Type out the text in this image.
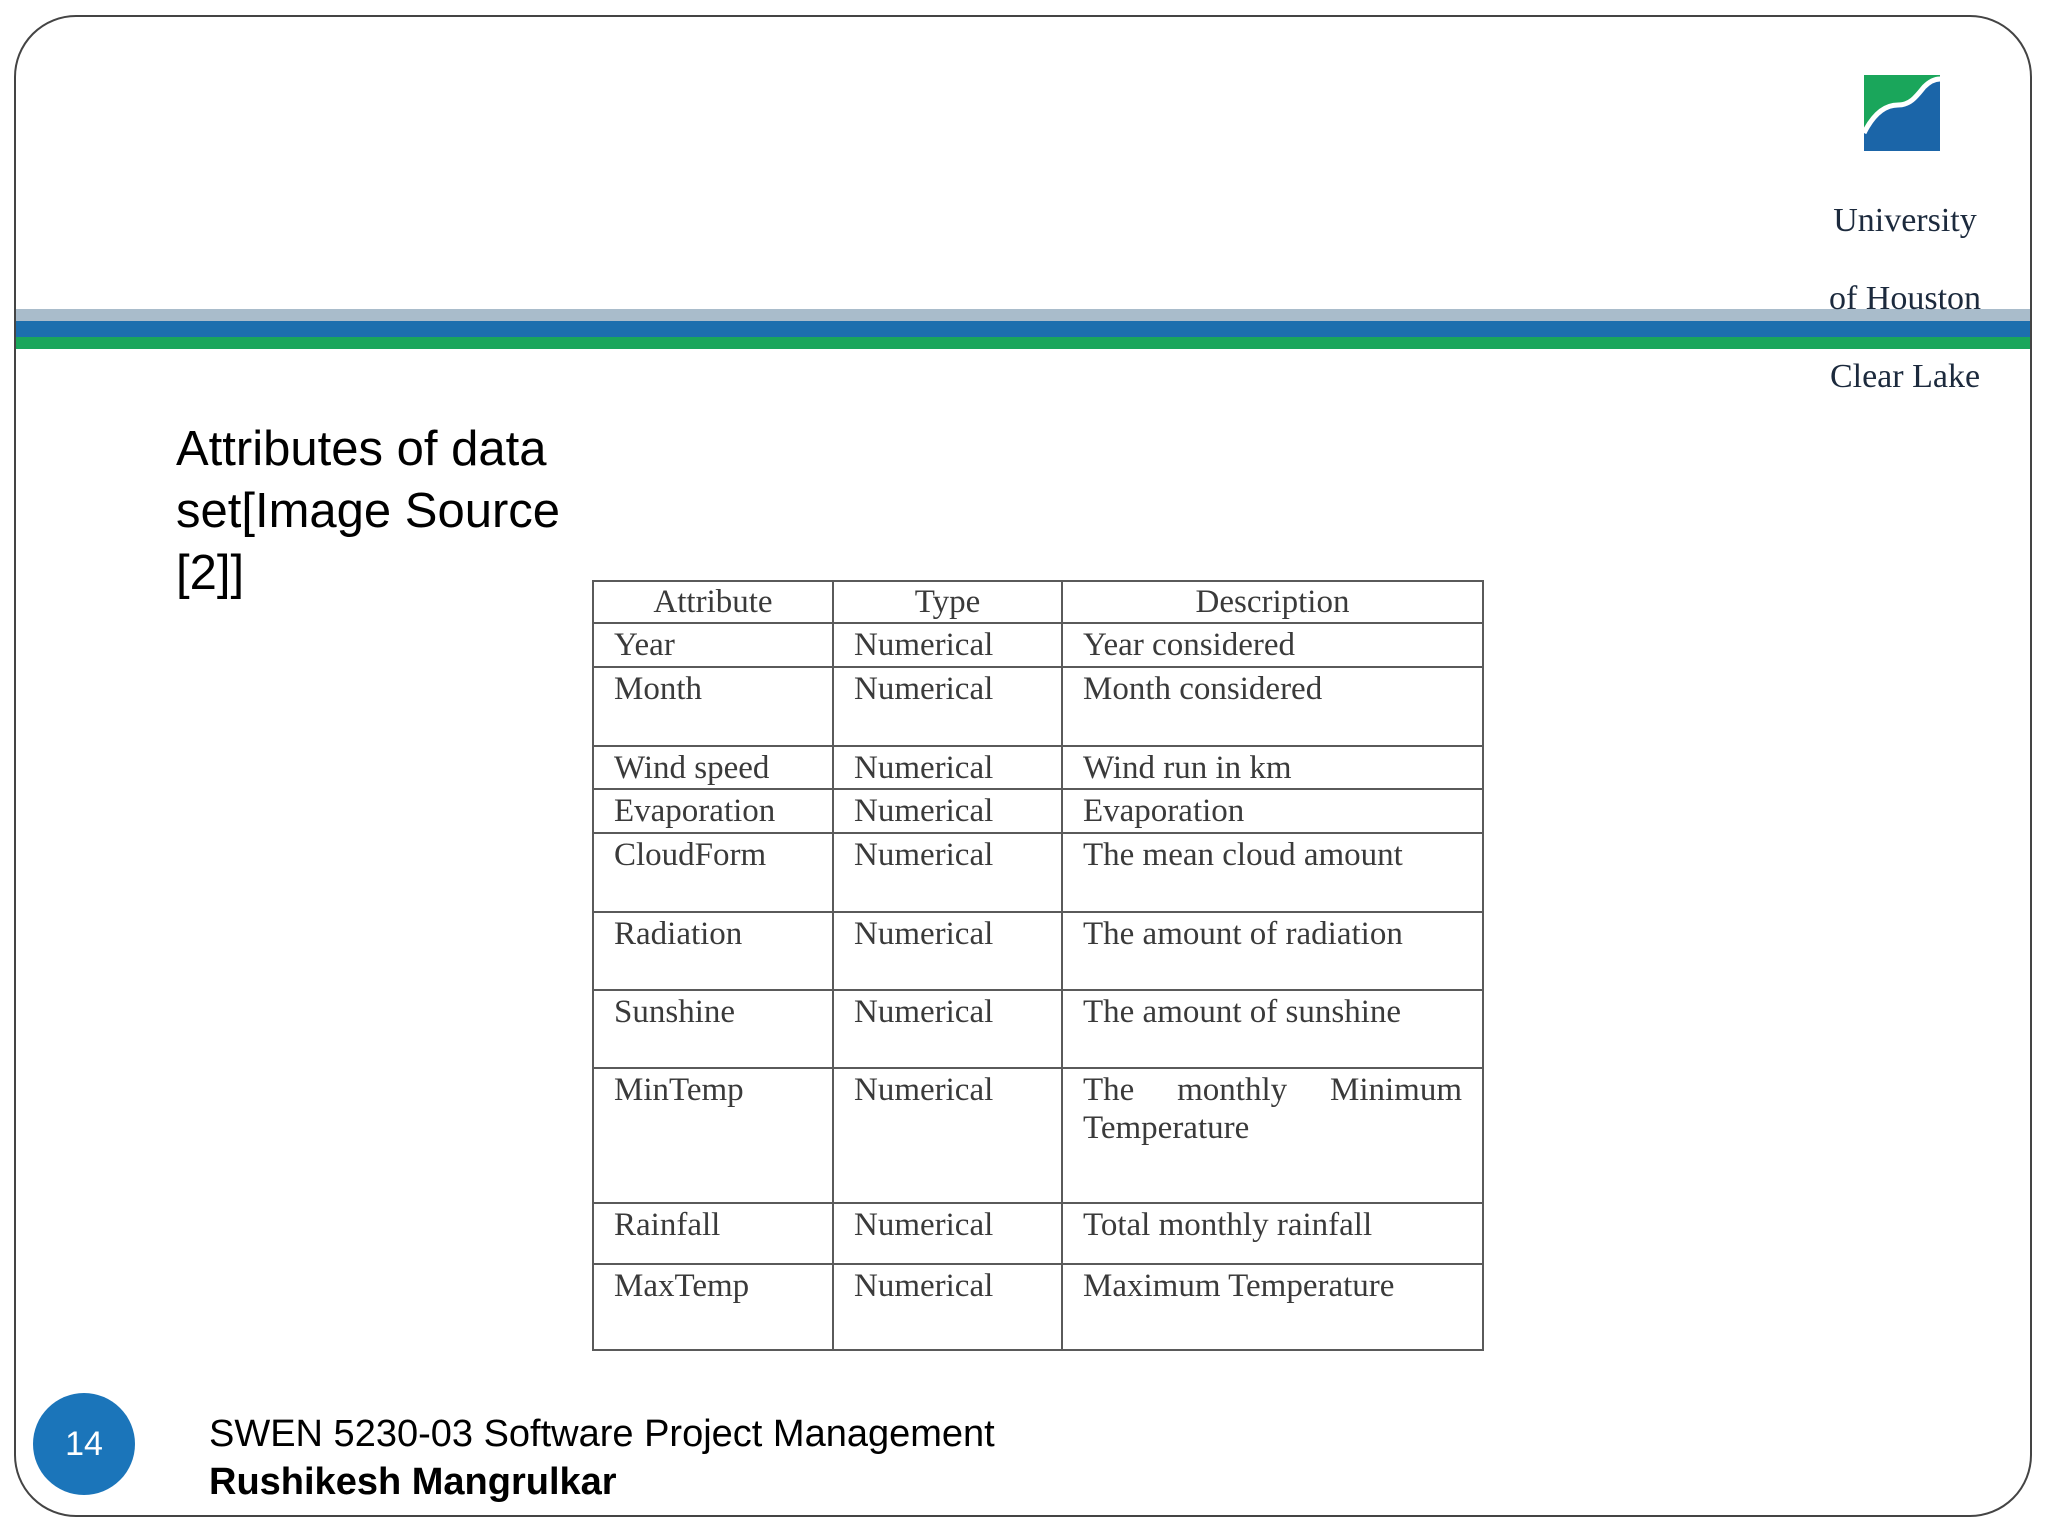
University

of Houston

Clear Lake

Attributes of data set[Image Source [2]]
Attribute	Type	Description
Year	Numerical	Year considered
Month	Numerical	Month considered
Wind speed	Numerical	Wind run in km
Evaporation	Numerical	Evaporation
CloudForm	Numerical	The mean cloud amount
Radiation	Numerical	The amount of radiation
Sunshine	Numerical	The amount of sunshine
MinTemp	Numerical	The monthly Minimum Temperature
Rainfall	Numerical	Total monthly rainfall
MaxTemp	Numerical	Maximum Temperature
14	SWEN 5230-03 Software Project Management
Rushikesh Mangrulkar
